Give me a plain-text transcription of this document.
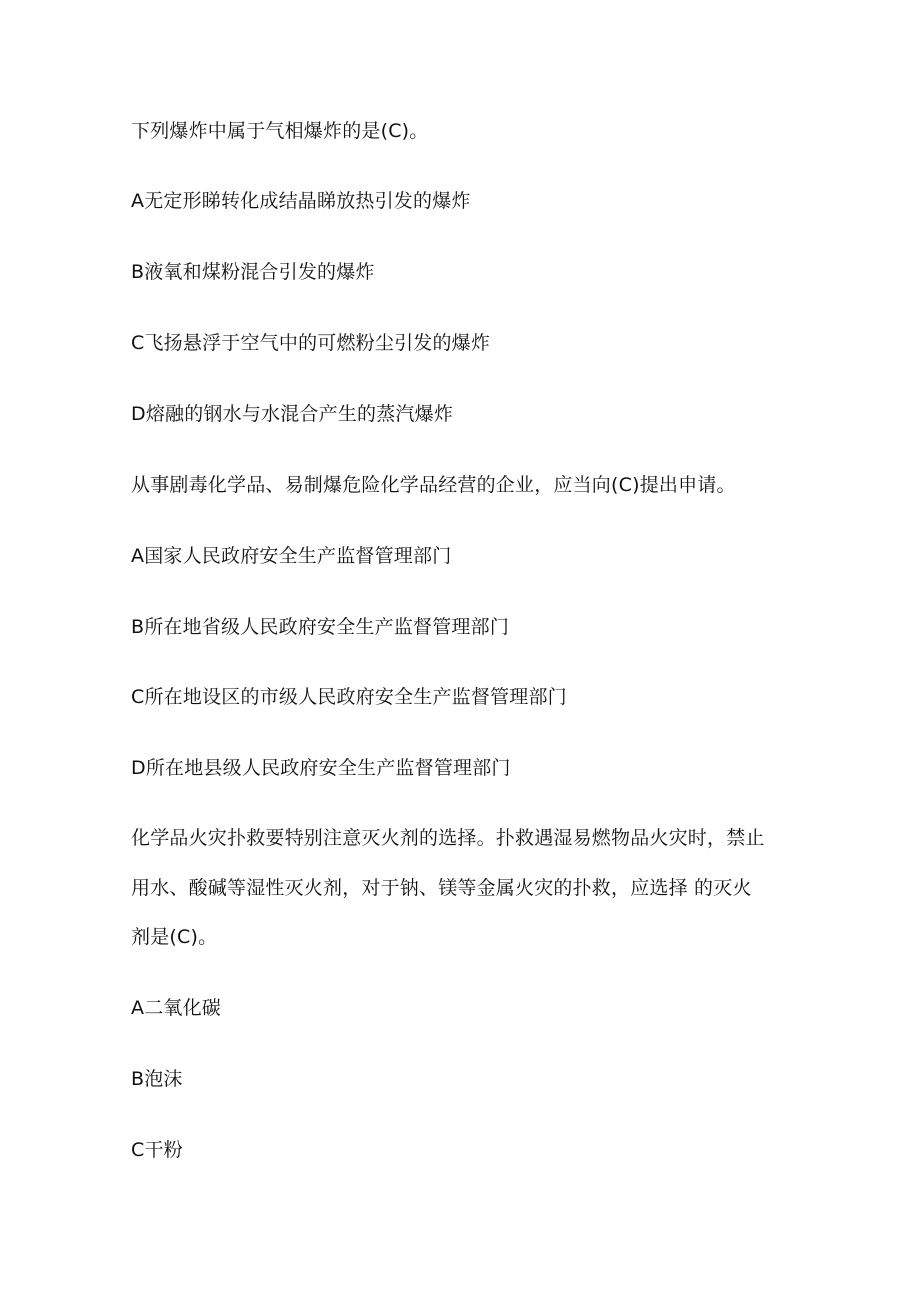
下列爆炸中属于气相爆炸的是(C)。
A无定形睇转化成结晶睇放热引发的爆炸
B液氧和煤粉混合引发的爆炸
C飞扬悬浮于空气中的可燃粉尘引发的爆炸
D熔融的钢水与水混合产生的蒸汽爆炸
从事剧毒化学品、易制爆危险化学品经营的企业，应当向(C)提出申请。
A国家人民政府安全生产监督管理部门
B所在地省级人民政府安全生产监督管理部门
C所在地设区的市级人民政府安全生产监督管理部门
D所在地县级人民政府安全生产监督管理部门
化学品火灾扑救要特别注意灭火剂的选择。扑救遇湿易燃物品火灾时，禁止
用水、酸碱等湿性灭火剂，对于钠、镁等金属火灾的扑救，应选择 的灭火
剂是(C)。
A二氧化碳
B泡沫
C干粉
